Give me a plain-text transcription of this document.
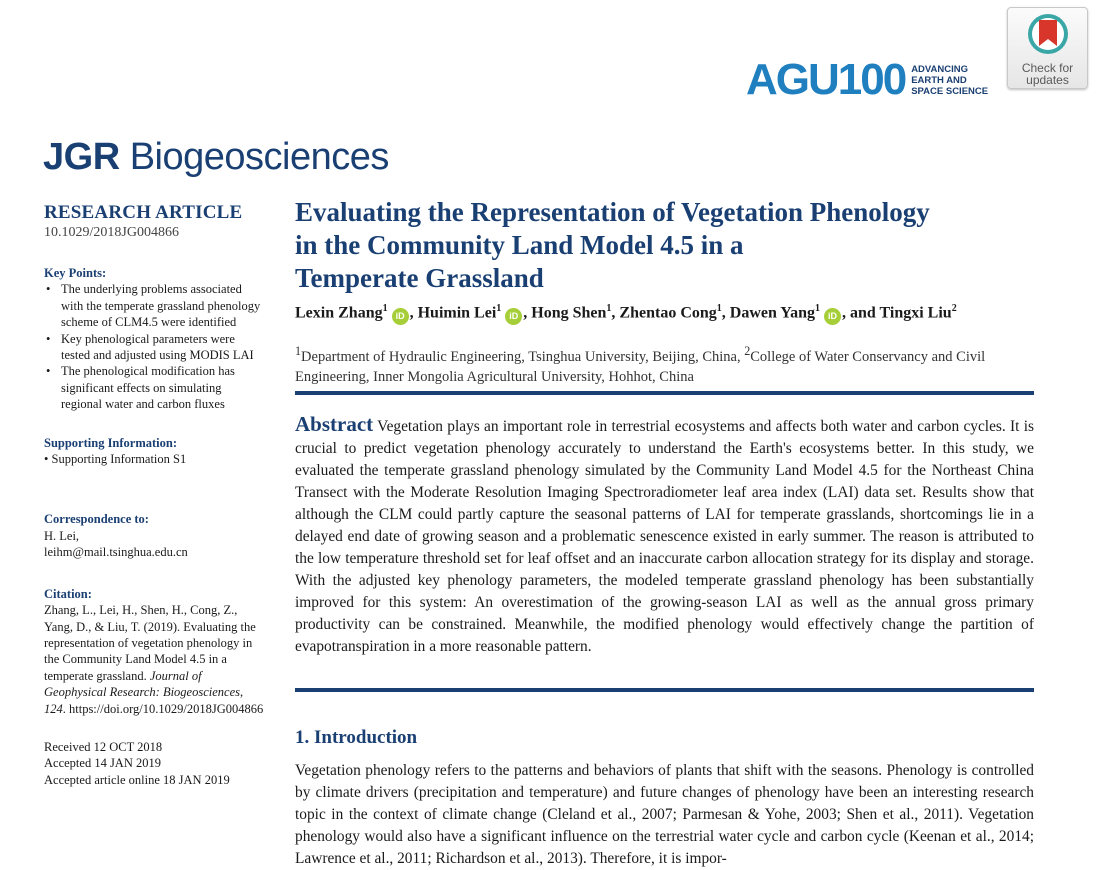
AGU100 ADVANCING
EARTH AND
SPACE SCIENCE
Check for
updates
JGR Biogeosciences
RESEARCH ARTICLE
10.1029/2018JG004866
Key Points:
• The underlying problems associated with the temperate grassland phenology scheme of CLM4.5 were identified
• Key phenological parameters were tested and adjusted using MODIS LAI
• The phenological modification has significant effects on simulating regional water and carbon fluxes
Supporting Information:
• Supporting Information S1
Correspondence to:
H. Lei,
leihm@mail.tsinghua.edu.cn
Citation:
Zhang, L., Lei, H., Shen, H., Cong, Z., Yang, D., & Liu, T. (2019). Evaluating the representation of vegetation phenology in the Community Land Model 4.5 in a temperate grassland. Journal of Geophysical Research: Biogeosciences, 124. https://doi.org/10.1029/2018JG004866
Received 12 OCT 2018
Accepted 14 JAN 2019
Accepted article online 18 JAN 2019
Evaluating the Representation of Vegetation Phenology
in the Community Land Model 4.5 in a
Temperate Grassland
Lexin Zhang$^1$iD , Huimin Lei$^1$iD , Hong Shen$^1$, Zhentao Cong$^1$, Dawen Yang$^1$iD , and Tingxi Liu$^2$
$^1$Department of Hydraulic Engineering, Tsinghua University, Beijing, China, $^2$College of Water Conservancy and Civil Engineering, Inner Mongolia Agricultural University, Hohhot, China
Abstract Vegetation plays an important role in terrestrial ecosystems and affects both water and carbon cycles. It is crucial to predict vegetation phenology accurately to understand the Earth's ecosystems better. In this study, we evaluated the temperate grassland phenology simulated by the Community Land Model 4.5 for the Northeast China Transect with the Moderate Resolution Imaging Spectroradiometer leaf area index (LAI) data set. Results show that although the CLM could partly capture the seasonal patterns of LAI for temperate grasslands, shortcomings lie in a delayed end date of growing season and a problematic senescence existed in early summer. The reason is attributed to the low temperature threshold set for leaf offset and an inaccurate carbon allocation strategy for its display and storage. With the adjusted key phenology parameters, the modeled temperate grassland phenology has been substantially improved for this system: An overestimation of the growing-season LAI as well as the annual gross primary productivity can be constrained. Meanwhile, the modified phenology would effectively change the partition of evapotranspiration in a more reasonable pattern.
1. Introduction
Vegetation phenology refers to the patterns and behaviors of plants that shift with the seasons. Phenology is controlled by climate drivers (precipitation and temperature) and future changes of phenology have been an interesting research topic in the context of climate change (Cleland et al., 2007; Parmesan & Yohe, 2003; Shen et al., 2011). Vegetation phenology would also have a significant influence on the terrestrial water cycle and carbon cycle (Keenan et al., 2014; Lawrence et al., 2011; Richardson et al., 2013). Therefore, it is impor-
